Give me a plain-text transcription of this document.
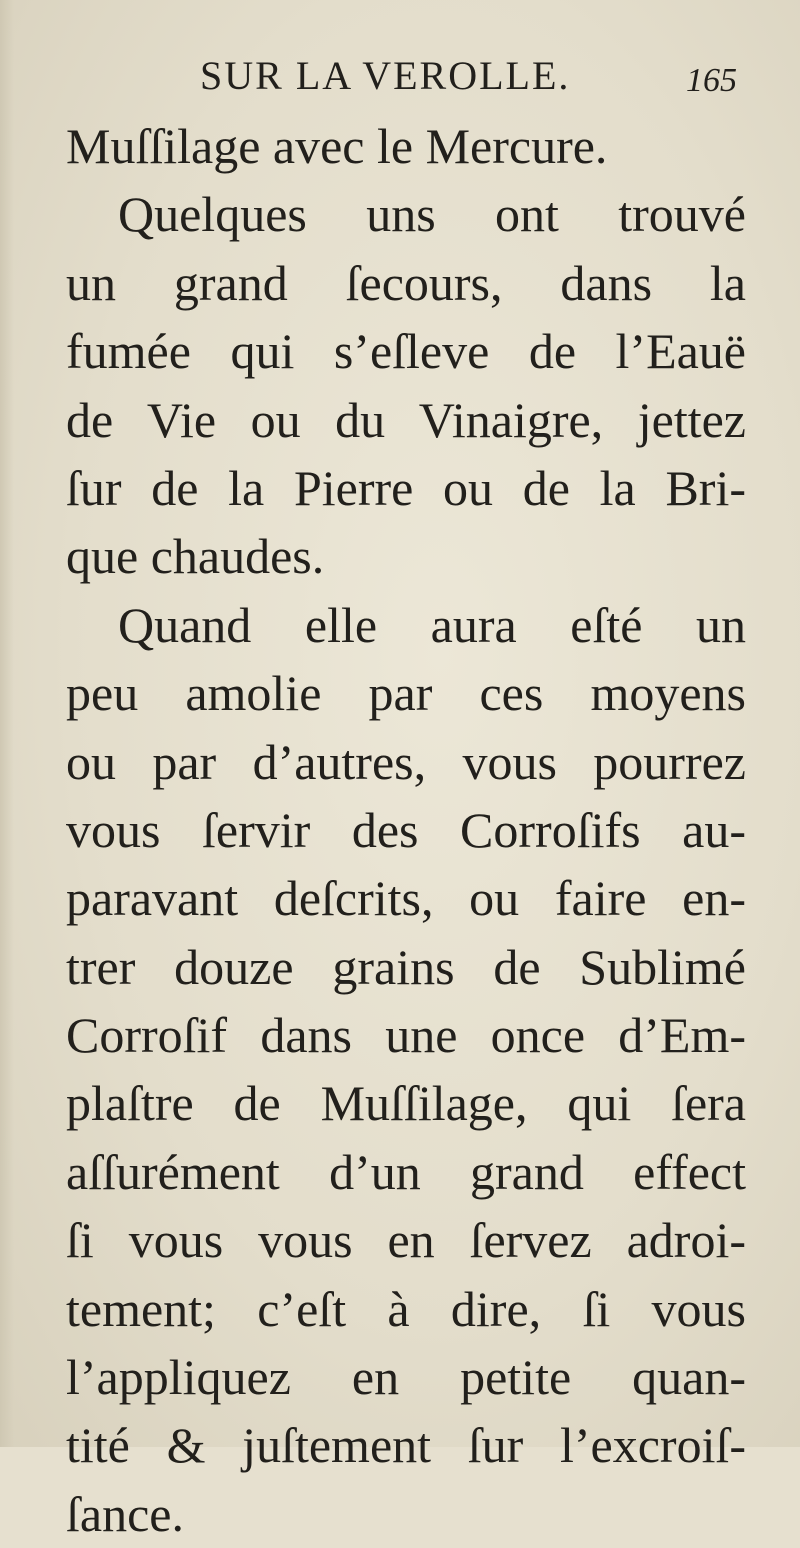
SUR LA VEROLLE.	165
Muſſilage avec le Mercure.
Quelques uns ont trouvé
un grand ſecours, dans la
fumée qui s’eſleve de l’Eauë
de Vie ou du Vinaigre, jettez
ſur de la Pierre ou de la Bri-
que chaudes.
Quand elle aura eſté un
peu amolie par ces moyens
ou par d’autres, vous pourrez
vous ſervir des Corroſifs au-
paravant deſcrits, ou faire en-
trer douze grains de Sublimé
Corroſif dans une once d’Em-
plaſtre de Muſſilage, qui ſera
aſſurément d’un grand effect
ſi vous vous en ſervez adroi-
tement; c’eſt à dire, ſi vous
l’appliquez en petite quan-
tité & juſtement ſur l’excroiſ-
ſance.
